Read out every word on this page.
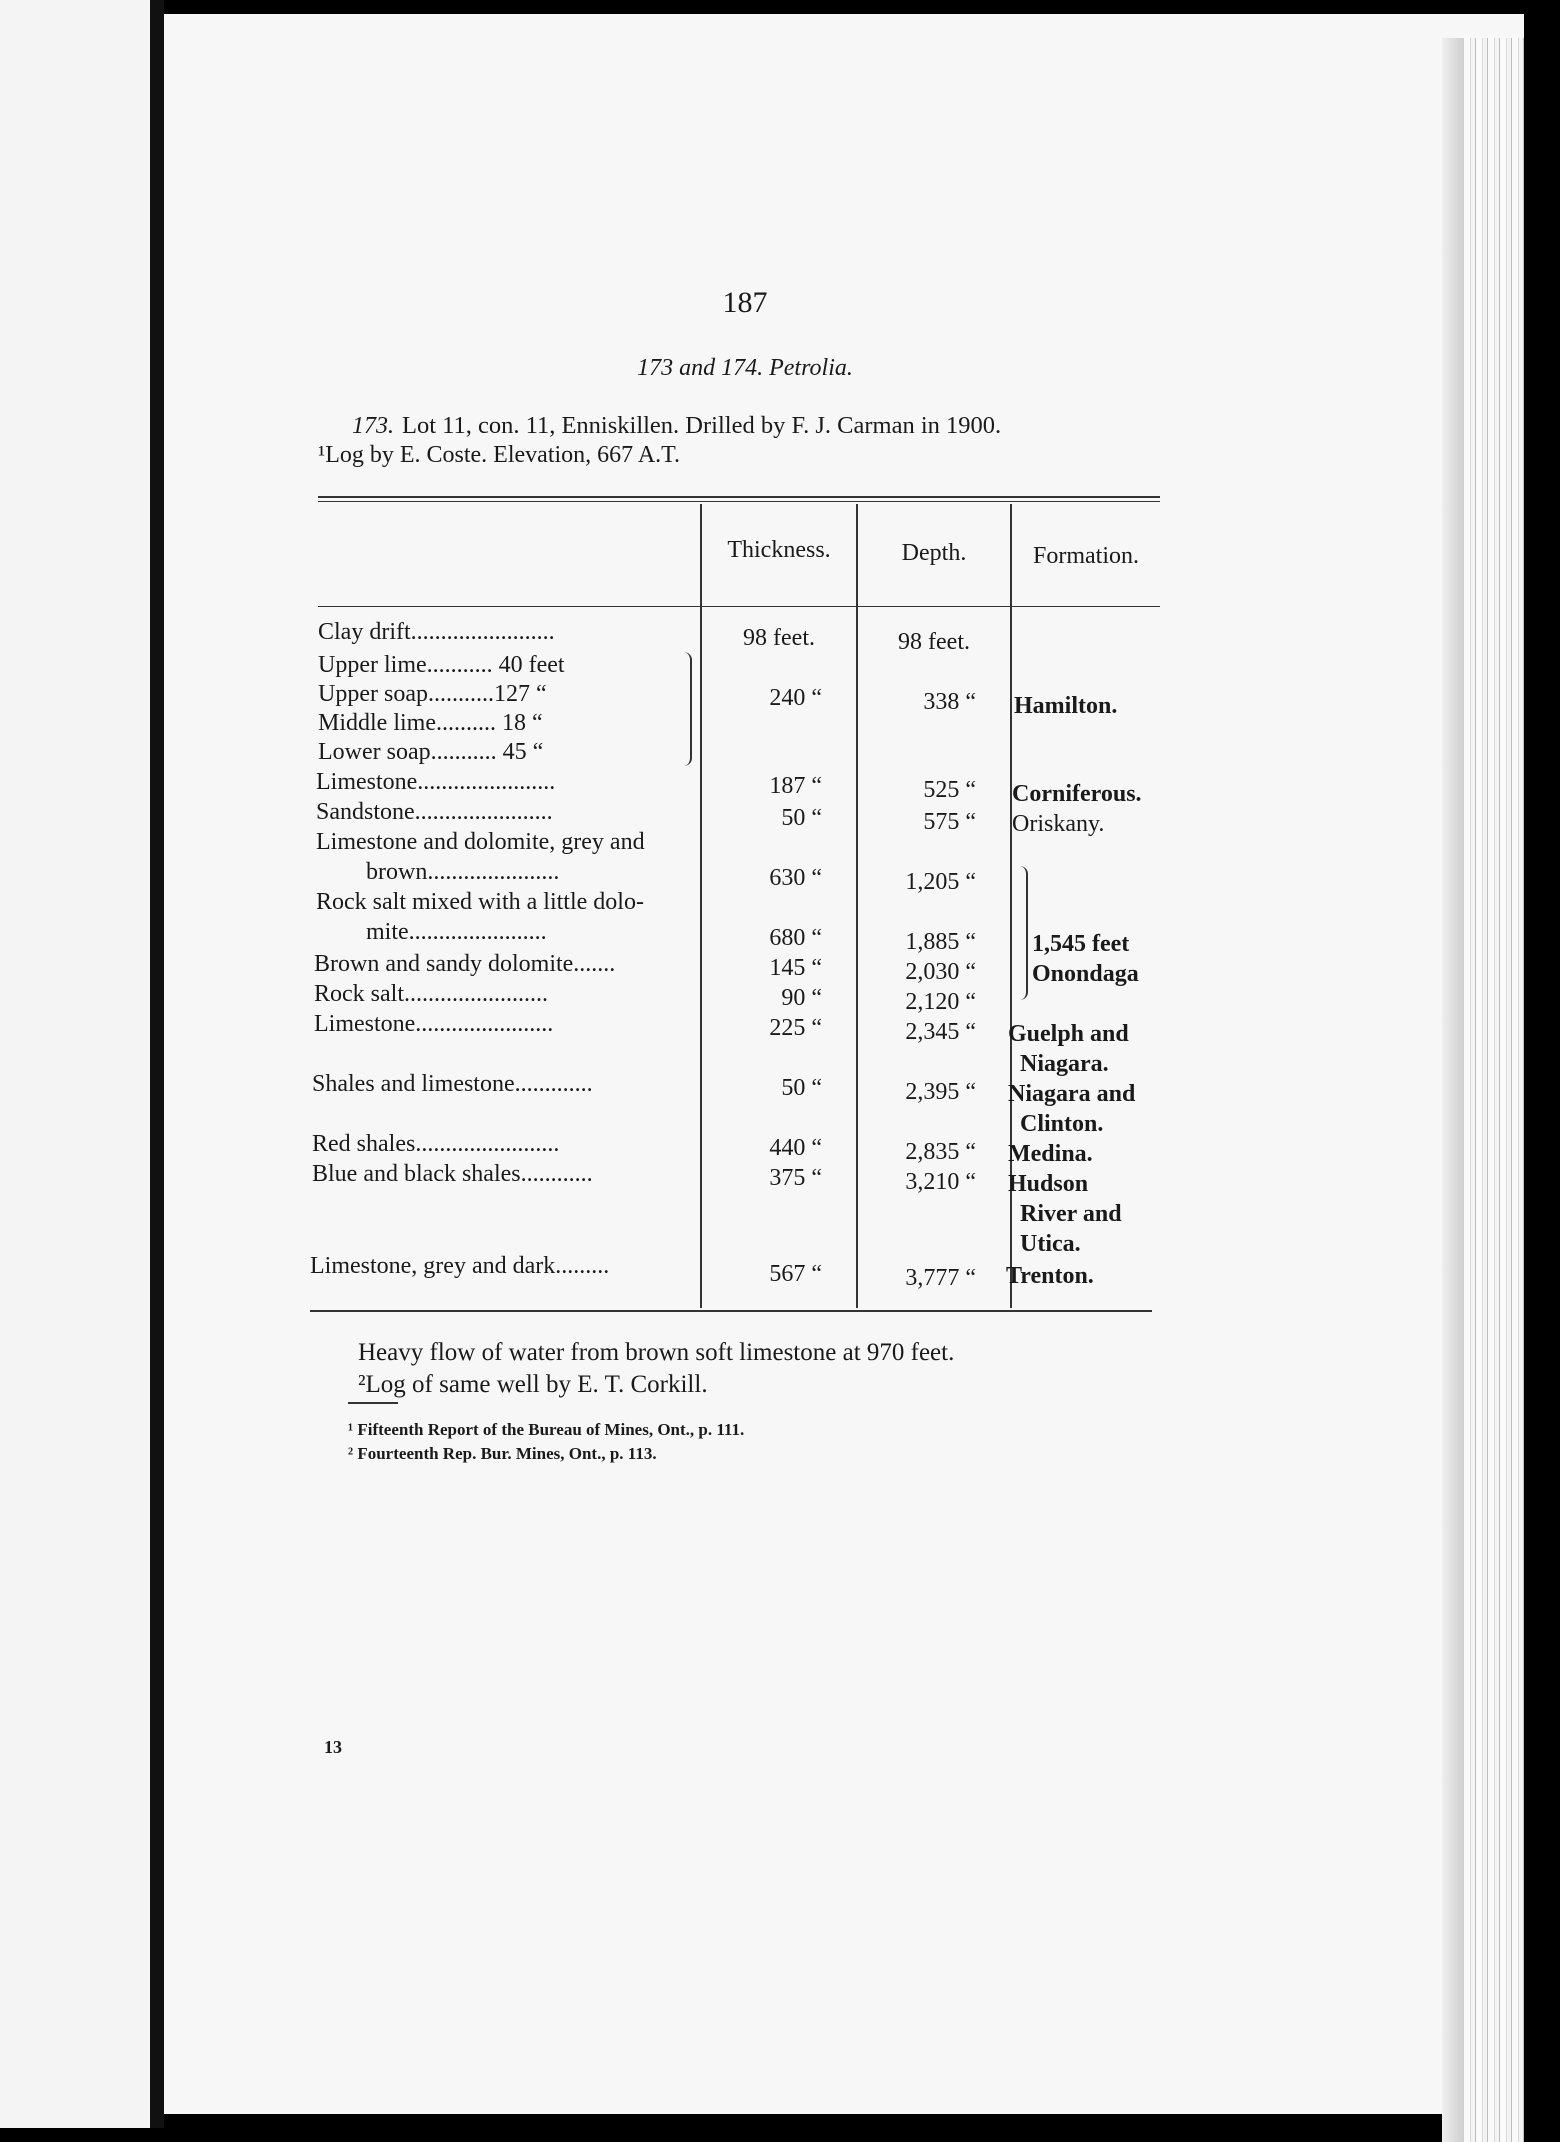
187
173 and 174. Petrolia.
173. Lot 11, con. 11, Enniskillen. Drilled by F. J. Carman in 1900.
¹Log by E. Coste. Elevation, 667 A.T.
Thickness.	Depth.	Formation.
Clay drift........................	98 feet.	98 feet.
Upper lime........... 40 feet
Upper soap...........127 “
Middle lime.......... 18 “
Lower soap........... 45 “
240 “	338 “ Hamilton.
Limestone.......................	187 “	525 “ Corniferous.
Sandstone.......................	50 “	575 “ Oriskany.
Limestone and dolomite, grey and
brown......................	630 “	1,205 “
Rock salt mixed with a little dolo-
mite.......................	680 “	1,885 “ 1,545 feet
Brown and sandy dolomite.......	145 “	2,030 “ Onondaga
Rock salt........................	90 “	2,120 “
Limestone.......................	225 “	2,345 “ Guelph and
Niagara.
Shales and limestone.............	50 “	2,395 “ Niagara and
Clinton.
Red shales........................	440 “	2,835 “ Medina.
Blue and black shales............	375 “	3,210 “ Hudson
River and
Utica.
Limestone, grey and dark.........	567 “	3,777 “ Trenton.
Heavy flow of water from brown soft limestone at 970 feet.
²Log of same well by E. T. Corkill.
¹ Fifteenth Report of the Bureau of Mines, Ont., p. 111.
² Fourteenth Rep. Bur. Mines, Ont., p. 113.
13
